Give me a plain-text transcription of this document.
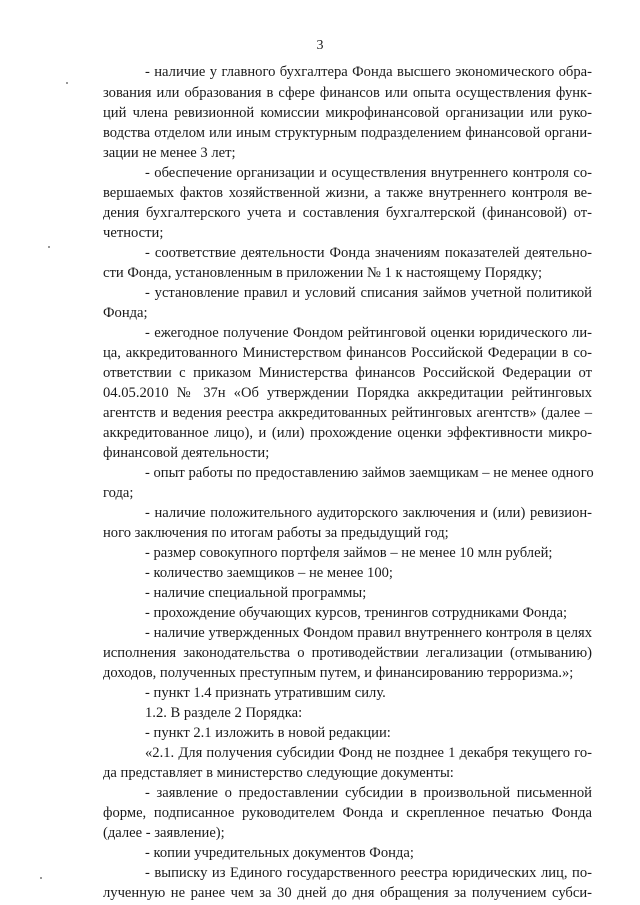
3
- наличие у главного бухгалтера Фонда высшего экономического обра-
зования или образования в сфере финансов или опыта осуществления функ-
ций члена ревизионной комиссии микрофинансовой организации или руко-
водства отделом или иным структурным подразделением финансовой органи-
зации не менее 3 лет;
- обеспечение организации и осуществления внутреннего контроля со-
вершаемых фактов хозяйственной жизни, а также внутреннего контроля ве-
дения бухгалтерского учета и составления бухгалтерской (финансовой) от-
четности;
- соответствие деятельности Фонда значениям показателей деятельно-
сти Фонда, установленным в приложении № 1 к настоящему Порядку;
- установление правил и условий списания займов учетной политикой
Фонда;
- ежегодное получение Фондом рейтинговой оценки юридического ли-
ца, аккредитованного Министерством финансов Российской Федерации в со-
ответствии с приказом Министерства финансов Российской Федерации от
04.05.2010 № 37н «Об утверждении Порядка аккредитации рейтинговых
агентств и ведения реестра аккредитованных рейтинговых агентств» (далее –
аккредитованное лицо), и (или) прохождение оценки эффективности микро-
финансовой деятельности;
- опыт работы по предоставлению займов заемщикам – не менее одного
года;
- наличие положительного аудиторского заключения и (или) ревизион-
ного заключения по итогам работы за предыдущий год;
- размер совокупного портфеля займов – не менее 10 млн рублей;
- количество заемщиков – не менее 100;
- наличие специальной программы;
- прохождение обучающих курсов, тренингов сотрудниками Фонда;
- наличие утвержденных Фондом правил внутреннего контроля в целях
исполнения законодательства о противодействии легализации (отмыванию)
доходов, полученных преступным путем, и финансированию терроризма.»;
- пункт 1.4 признать утратившим силу.
1.2. В разделе 2 Порядка:
- пункт 2.1 изложить в новой редакции:
«2.1. Для получения субсидии Фонд не позднее 1 декабря текущего го-
да представляет в министерство следующие документы:
- заявление о предоставлении субсидии в произвольной письменной
форме, подписанное руководителем Фонда и скрепленное печатью Фонда
(далее - заявление);
- копии учредительных документов Фонда;
- выписку из Единого государственного реестра юридических лиц, по-
лученную не ранее чем за 30 дней до дня обращения за получением субси-
